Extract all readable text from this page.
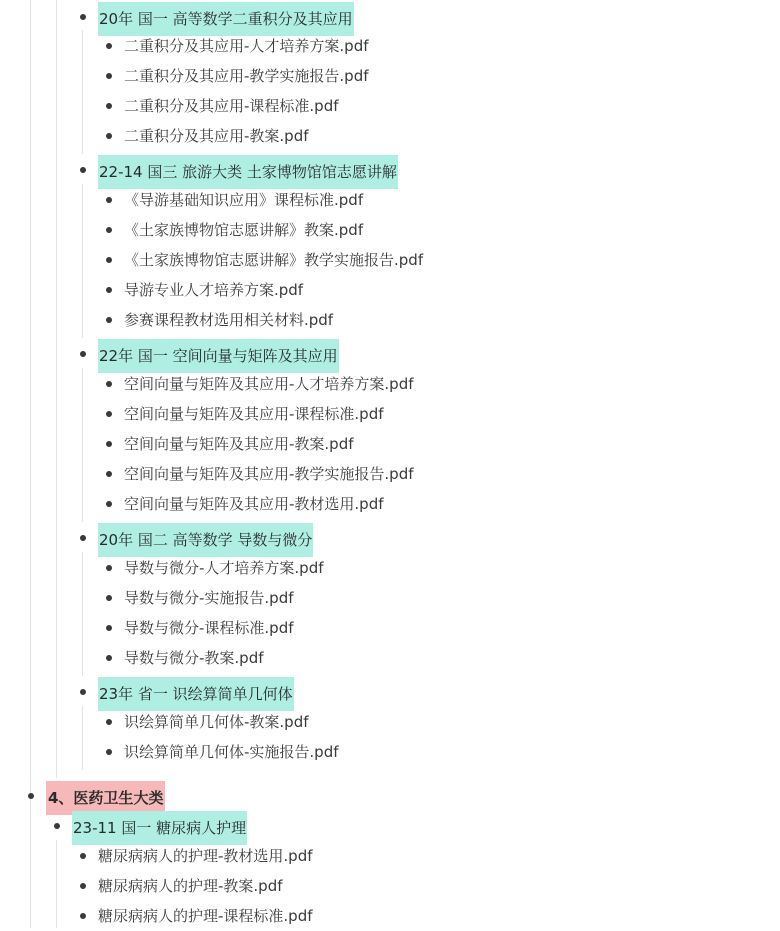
20年 国一 高等数学二重积分及其应用
二重积分及其应用-人才培养方案.pdf
二重积分及其应用-教学实施报告.pdf
二重积分及其应用-课程标准.pdf
二重积分及其应用-教案.pdf
22-14 国三 旅游大类 土家博物馆馆志愿讲解
《导游基础知识应用》课程标准.pdf
《土家族博物馆志愿讲解》教案.pdf
《土家族博物馆志愿讲解》教学实施报告.pdf
导游专业人才培养方案.pdf
参赛课程教材选用相关材料.pdf
22年 国一 空间向量与矩阵及其应用
空间向量与矩阵及其应用-人才培养方案.pdf
空间向量与矩阵及其应用-课程标准.pdf
空间向量与矩阵及其应用-教案.pdf
空间向量与矩阵及其应用-教学实施报告.pdf
空间向量与矩阵及其应用-教材选用.pdf
20年 国二 高等数学 导数与微分
导数与微分-人才培养方案.pdf
导数与微分-实施报告.pdf
导数与微分-课程标准.pdf
导数与微分-教案.pdf
23年 省一 识绘算简单几何体
识绘算简单几何体-教案.pdf
识绘算简单几何体-实施报告.pdf
4、医药卫生大类
23-11 国一 糖尿病人护理
糖尿病病人的护理-教材选用.pdf
糖尿病病人的护理-教案.pdf
糖尿病病人的护理-课程标准.pdf
